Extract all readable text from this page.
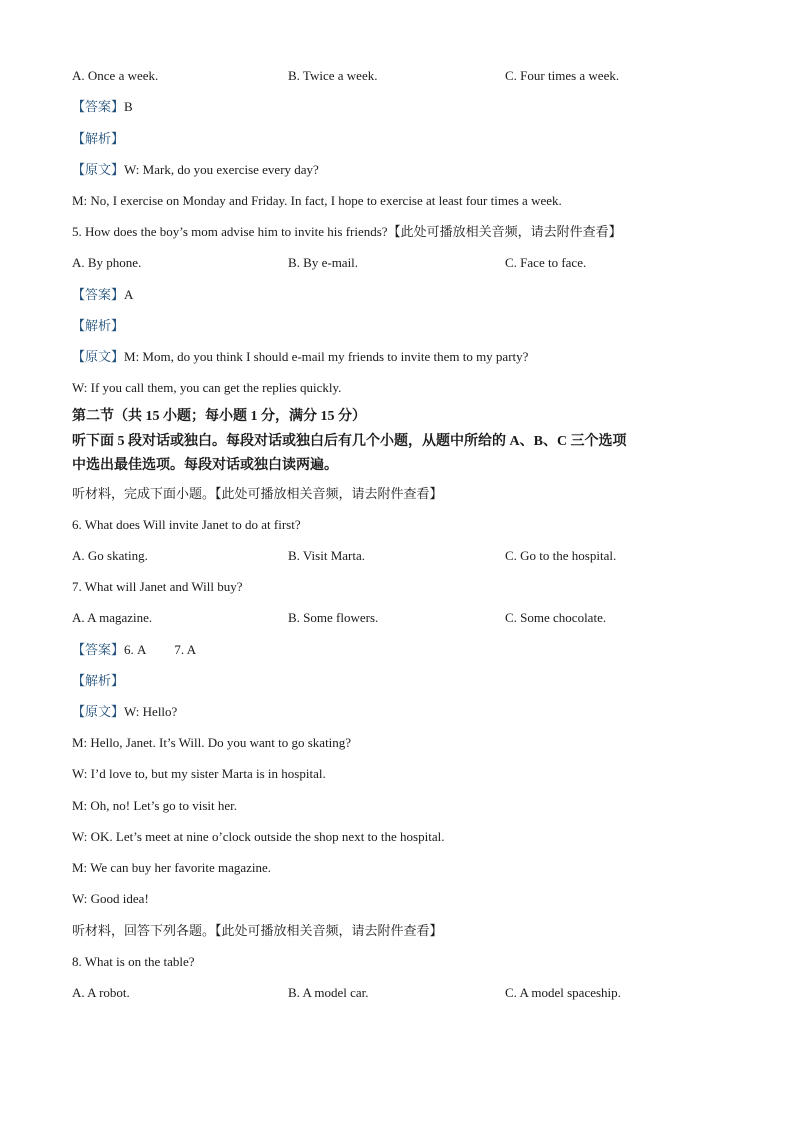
A. Once a week.	B. Twice a week.	C. Four times a week.
【答案】B
【解析】
【原文】W: Mark, do you exercise every day?
M: No, I exercise on Monday and Friday. In fact, I hope to exercise at least four times a week.
5. How does the boy’s mom advise him to invite his friends?【此处可播放相关音频，请去附件查看】
A. By phone.	B. By e-mail.	C. Face to face.
【答案】A
【解析】
【原文】M: Mom, do you think I should e-mail my friends to invite them to my party?
W: If you call them, you can get the replies quickly.
第二节（共 15 小题；每小题 1 分，满分 15 分）
听下面 5 段对话或独白。每段对话或独白后有几个小题，从题中所给的 A、B、C 三个选项
中选出最佳选项。每段对话或独白读两遍。
听材料，完成下面小题。【此处可播放相关音频，请去附件查看】
6. What does Will invite Janet to do at first?
A. Go skating.	B. Visit Marta.	C. Go to the hospital.
7. What will Janet and Will buy?
A. A magazine.	B. Some flowers.	C. Some chocolate.
【答案】6. A 7. A
【解析】
【原文】W: Hello?
M: Hello, Janet. It’s Will. Do you want to go skating?
W: I’d love to, but my sister Marta is in hospital.
M: Oh, no! Let’s go to visit her.
W: OK. Let’s meet at nine o’clock outside the shop next to the hospital.
M: We can buy her favorite magazine.
W: Good idea!
听材料，回答下列各题。【此处可播放相关音频，请去附件查看】
8. What is on the table?
A. A robot.	B. A model car.	C. A model spaceship.
